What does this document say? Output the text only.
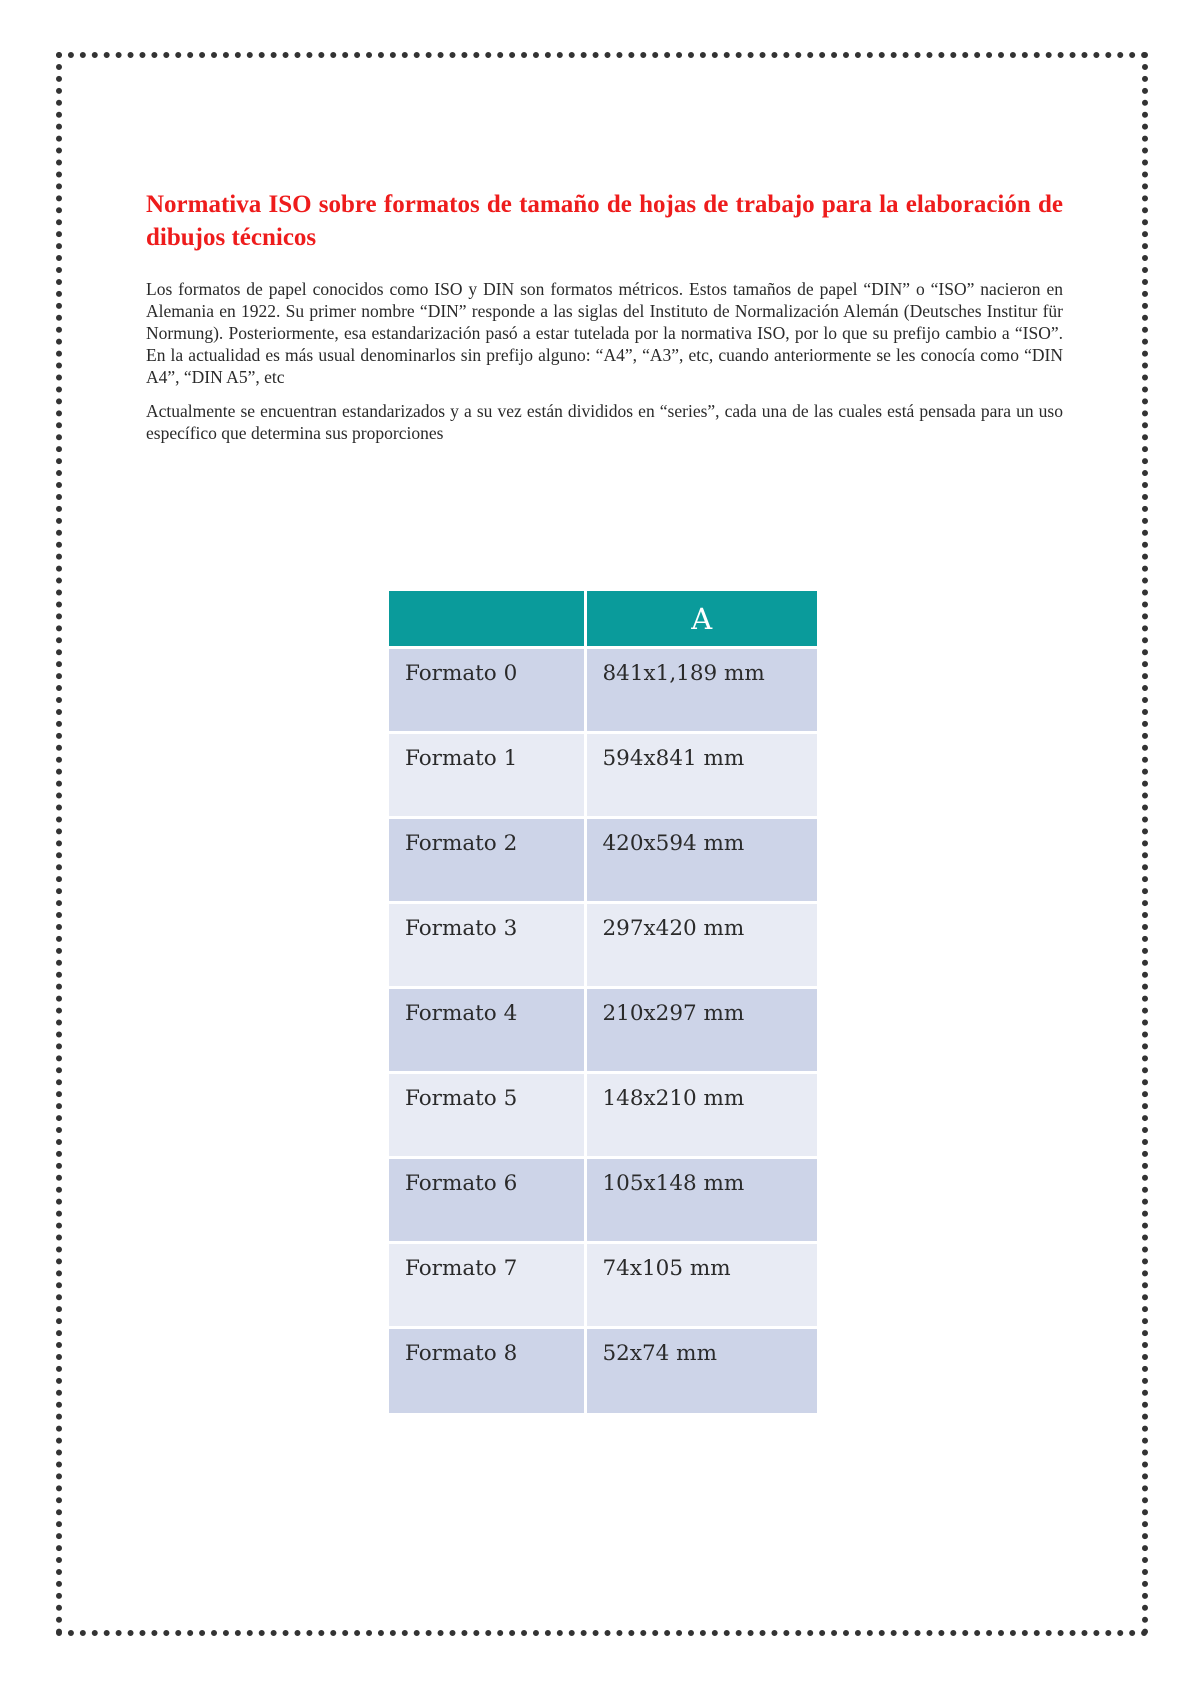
Normativa ISO sobre formatos de tamaño de hojas de trabajo para la elaboración de dibujos técnicos

Los formatos de papel conocidos como ISO y DIN son formatos métricos. Estos tamaños de papel “DIN” o “ISO” nacieron en Alemania en 1922. Su primer nombre “DIN” responde a las siglas del Instituto de Normalización Alemán (Deutsches Institur für Normung). Posteriormente, esa estandarización pasó a estar tutelada por la normativa ISO, por lo que su prefijo cambio a “ISO”. En la actualidad es más usual denominarlos sin prefijo alguno: “A4”, “A3”, etc, cuando anteriormente se les conocía como “DIN A4”, “DIN A5”, etc

Actualmente se encuentran estandarizados y a su vez están divididos en “series”, cada una de las cuales está pensada para un uso específico que determina sus proporciones

	A
Formato 0	841x1,189 mm
Formato 1	594x841 mm
Formato 2	420x594 mm
Formato 3	297x420 mm
Formato 4	210x297 mm
Formato 5	148x210 mm
Formato 6	105x148 mm
Formato 7	74x105 mm
Formato 8	52x74 mm
